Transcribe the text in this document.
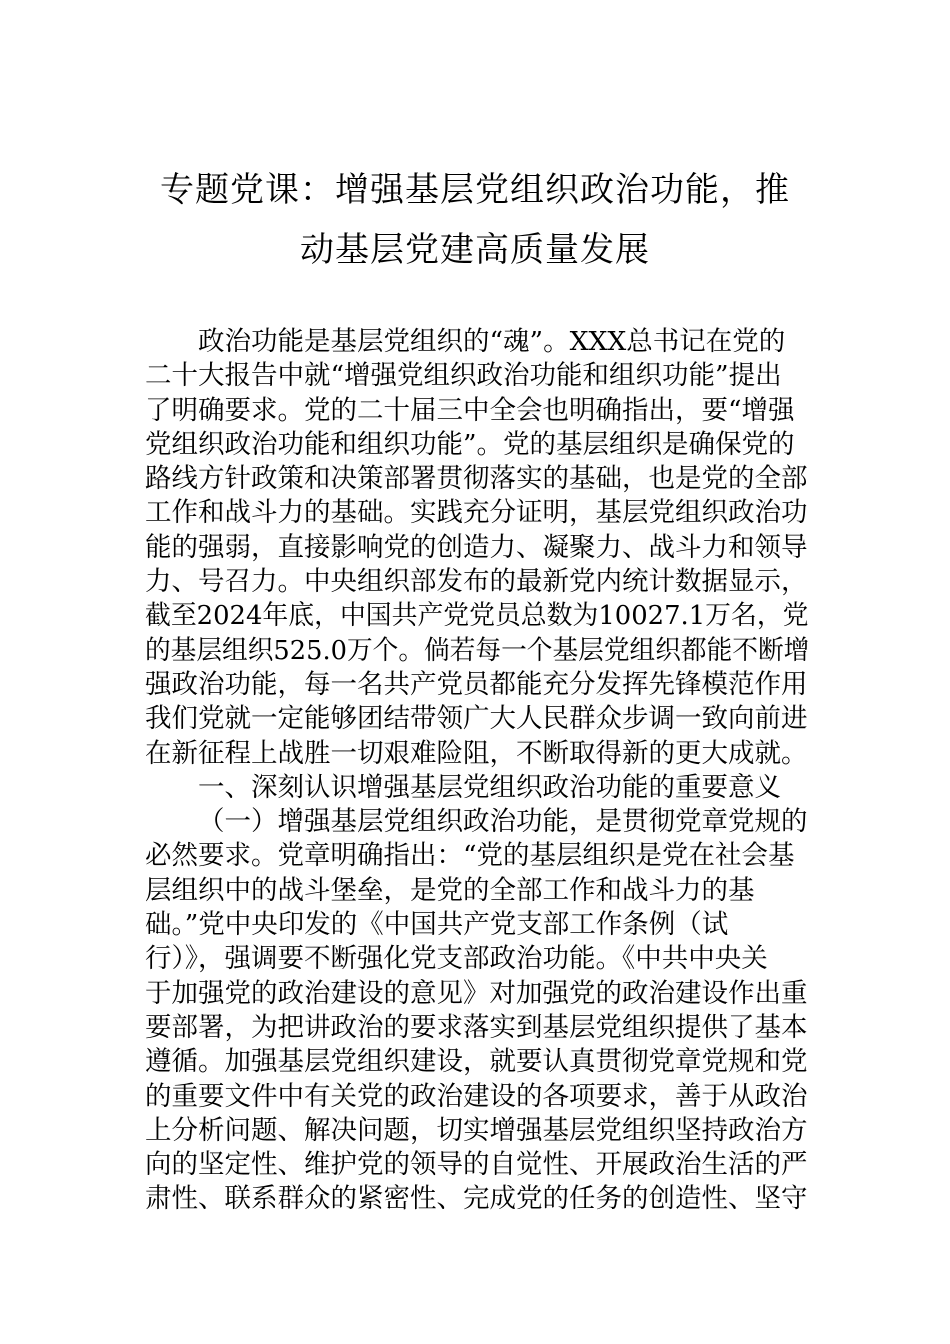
专题党课：增强基层党组织政治功能，推
动基层党建高质量发展
政治功能是基层党组织的“魂”。XXX总书记在党的
二十大报告中就“增强党组织政治功能和组织功能”提出
了明确要求。党的二十届三中全会也明确指出，要“增强
党组织政治功能和组织功能”。党的基层组织是确保党的
路线方针政策和决策部署贯彻落实的基础，也是党的全部
工作和战斗力的基础。实践充分证明，基层党组织政治功
能的强弱，直接影响党的创造力、凝聚力、战斗力和领导
力、号召力。中央组织部发布的最新党内统计数据显示，
截至2024年底，中国共产党党员总数为10027.1万名，党
的基层组织525.0万个。倘若每一个基层党组织都能不断增
强政治功能，每一名共产党员都能充分发挥先锋模范作用
我们党就一定能够团结带领广大人民群众步调一致向前进
在新征程上战胜一切艰难险阻，不断取得新的更大成就。
一、深刻认识增强基层党组织政治功能的重要意义
（一）增强基层党组织政治功能，是贯彻党章党规的
必然要求。党章明确指出：“党的基层组织是党在社会基
层组织中的战斗堡垒，是党的全部工作和战斗力的基
础。”党中央印发的《中国共产党支部工作条例（试
行）》，强调要不断强化党支部政治功能。《中共中央关
于加强党的政治建设的意见》对加强党的政治建设作出重
要部署，为把讲政治的要求落实到基层党组织提供了基本
遵循。加强基层党组织建设，就要认真贯彻党章党规和党
的重要文件中有关党的政治建设的各项要求，善于从政治
上分析问题、解决问题，切实增强基层党组织坚持政治方
向的坚定性、维护党的领导的自觉性、开展政治生活的严
肃性、联系群众的紧密性、完成党的任务的创造性、坚守
